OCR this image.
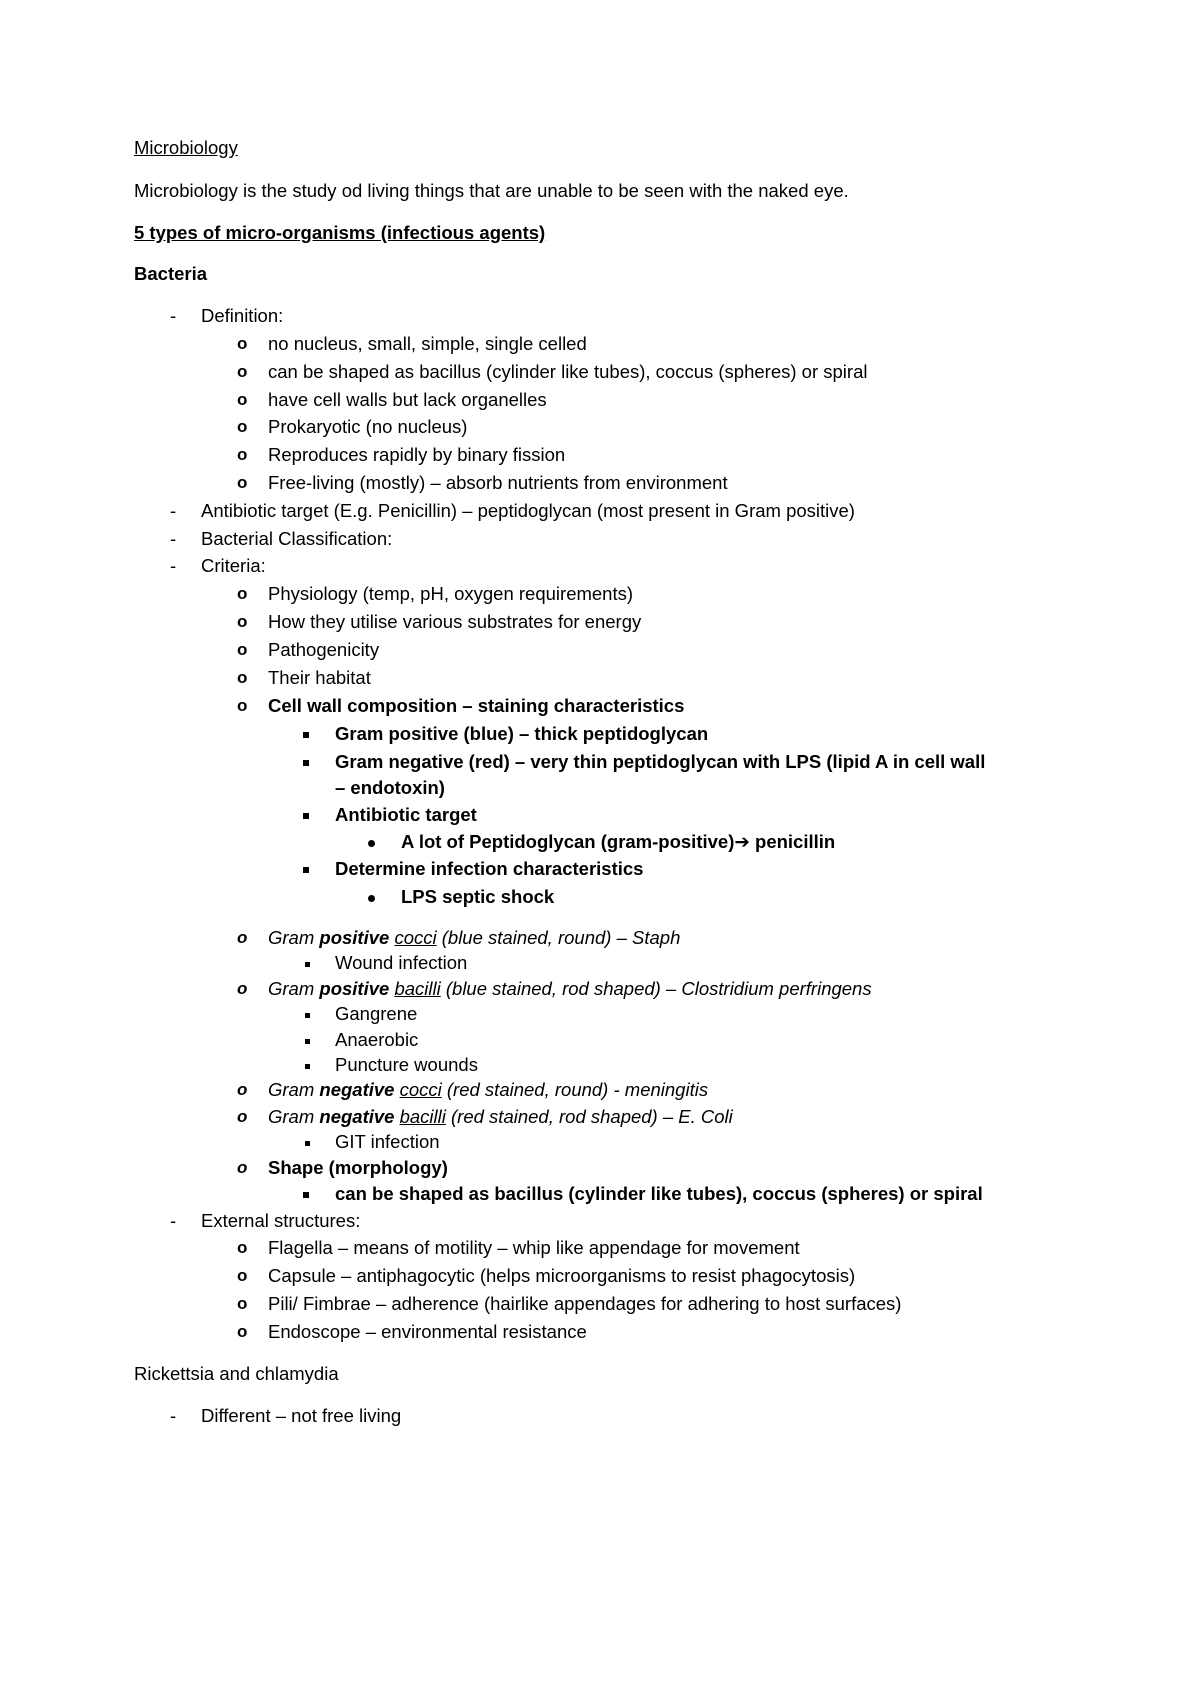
Microbiology
Microbiology is the study od living things that are unable to be seen with the naked eye.
5 types of micro-organisms (infectious agents)
Bacteria
- Definition:
o no nucleus, small, simple, single celled
o can be shaped as bacillus (cylinder like tubes), coccus (spheres) or spiral
o have cell walls but lack organelles
o Prokaryotic (no nucleus)
o Reproduces rapidly by binary fission
o Free-living (mostly) – absorb nutrients from environment
- Antibiotic target (E.g. Penicillin) – peptidoglycan (most present in Gram positive)
- Bacterial Classification:
- Criteria:
o Physiology (temp, pH, oxygen requirements)
o How they utilise various substrates for energy
o Pathogenicity
o Their habitat
o Cell wall composition – staining characteristics
Gram positive (blue) – thick peptidoglycan
Gram negative (red) – very thin peptidoglycan with LPS (lipid A in cell wall
– endotoxin)
Antibiotic target
A lot of Peptidoglycan (gram-positive)➔ penicillin
Determine infection characteristics
LPS septic shock
o Gram positive cocci (blue stained, round) – Staph
Wound infection
o Gram positive bacilli (blue stained, rod shaped) – Clostridium perfringens
Gangrene
Anaerobic
Puncture wounds
o Gram negative cocci (red stained, round) - meningitis
o Gram negative bacilli (red stained, rod shaped) – E. Coli
GIT infection
o Shape (morphology)
can be shaped as bacillus (cylinder like tubes), coccus (spheres) or spiral
- External structures:
o Flagella – means of motility – whip like appendage for movement
o Capsule – antiphagocytic (helps microorganisms to resist phagocytosis)
o Pili/ Fimbrae – adherence (hairlike appendages for adhering to host surfaces)
o Endoscope – environmental resistance
Rickettsia and chlamydia
- Different – not free living
